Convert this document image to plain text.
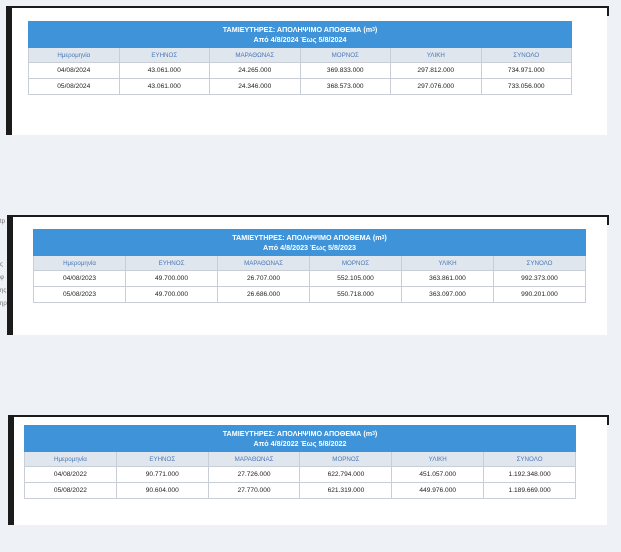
ΤΑΜΙΕΥΤΗΡΕΣ: ΑΠΟΛΗΨΙΜΟ ΑΠΟΘΕΜΑ $(m^3)$
Από 4/8/2024 Έως 5/8/2024					
Ημερομηνία	ΕΥΗΝΟΣ	ΜΑΡΑΘΩΝΑΣ	ΜΟΡΝΟΣ	ΥΛΙΚΗ	ΣΥΝΟΛΟ
04/08/2024	43.061.000	24.265.000	369.833.000	297.812.000	734.971.000
05/08/2024	43.061.000	24.346.000	368.573.000	297.076.000	733.056.000
ΤΑΜΙΕΥΤΗΡΕΣ: ΑΠΟΛΗΨΙΜΟ ΑΠΟΘΕΜΑ $(m^3)$
Από 4/8/2023 Έως 5/8/2023					
Ημερομηνία	ΕΥΗΝΟΣ	ΜΑΡΑΘΩΝΑΣ	ΜΟΡΝΟΣ	ΥΛΙΚΗ	ΣΥΝΟΛΟ
04/08/2023	49.700.000	26.707.000	552.105.000	363.861.000	992.373.000
05/08/2023	49.700.000	26.686.000	550.718.000	363.097.000	990.201.000
tp
ς
φ
ης
ηρ
ΤΑΜΙΕΥΤΗΡΕΣ: ΑΠΟΛΗΨΙΜΟ ΑΠΟΘΕΜΑ $(m^3)$
Από 4/8/2022 Έως 5/8/2022					
Ημερομηνία	ΕΥΗΝΟΣ	ΜΑΡΑΘΩΝΑΣ	ΜΟΡΝΟΣ	ΥΛΙΚΗ	ΣΥΝΟΛΟ
04/08/2022	90.771.000	27.726.000	622.794.000	451.057.000	1.192.348.000
05/08/2022	90.604.000	27.770.000	621.319.000	449.976.000	1.189.669.000
